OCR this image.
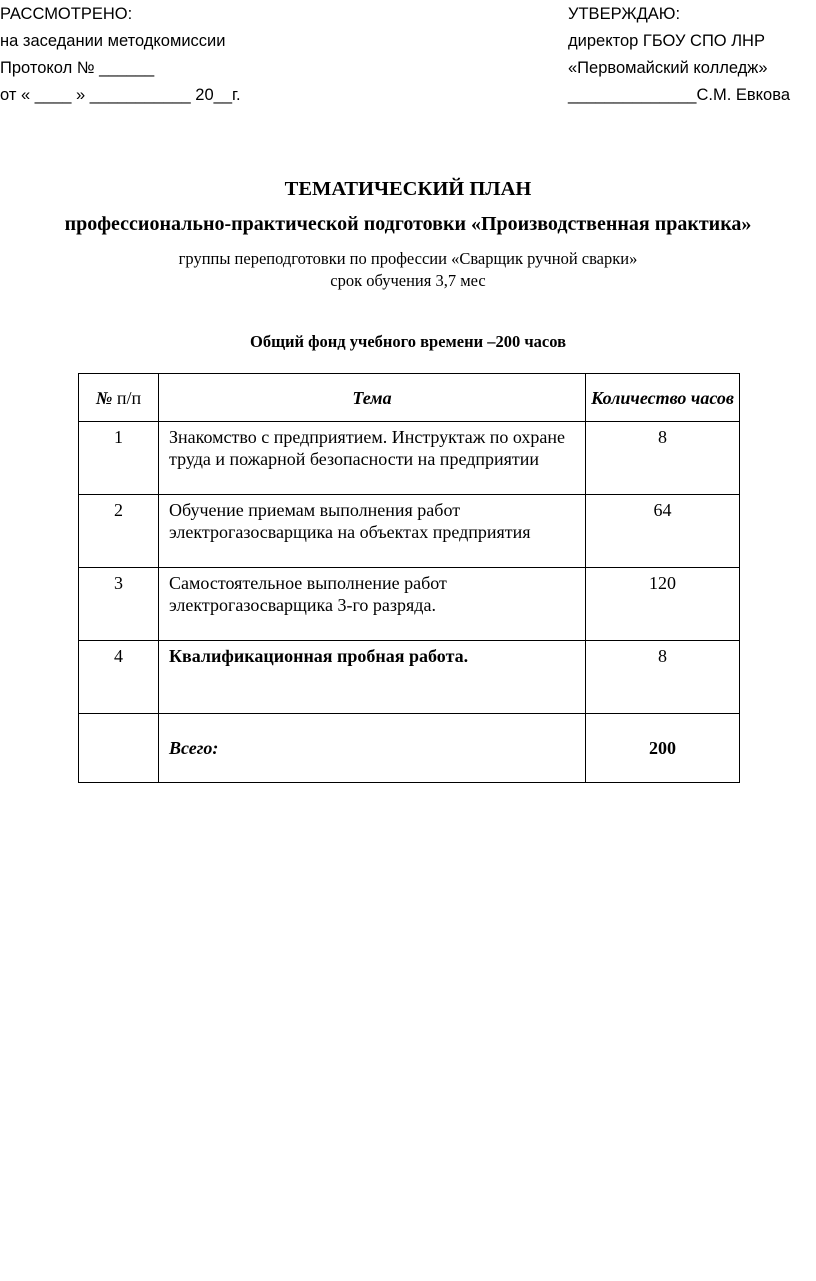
РАССМОТРЕНО:
на заседании методкомиссии
Протокол № ______
от « ____ » ___________ 20__г.
УТВЕРЖДАЮ:
директор ГБОУ СПО ЛНР
«Первомайский колледж»
______________С.М. Евкова
ТЕМАТИЧЕСКИЙ ПЛАН
профессионально-практической подготовки «Производственная практика»
группы переподготовки по профессии «Сварщик ручной сварки»
срок обучения 3,7 мес
Общий фонд учебного времени –200 часов
№ п/п	Тема	Количество часов
1	Знакомство с предприятием. Инструктаж по охране труда и пожарной безопасности на предприятии	8
2	Обучение приемам выполнения работ электрогазосварщика на объектах предприятия	64
3	Самостоятельное выполнение работ электрогазосварщика 3-го разряда.	120
4	Квалификационная пробная работа.	8
	Всего:	200
